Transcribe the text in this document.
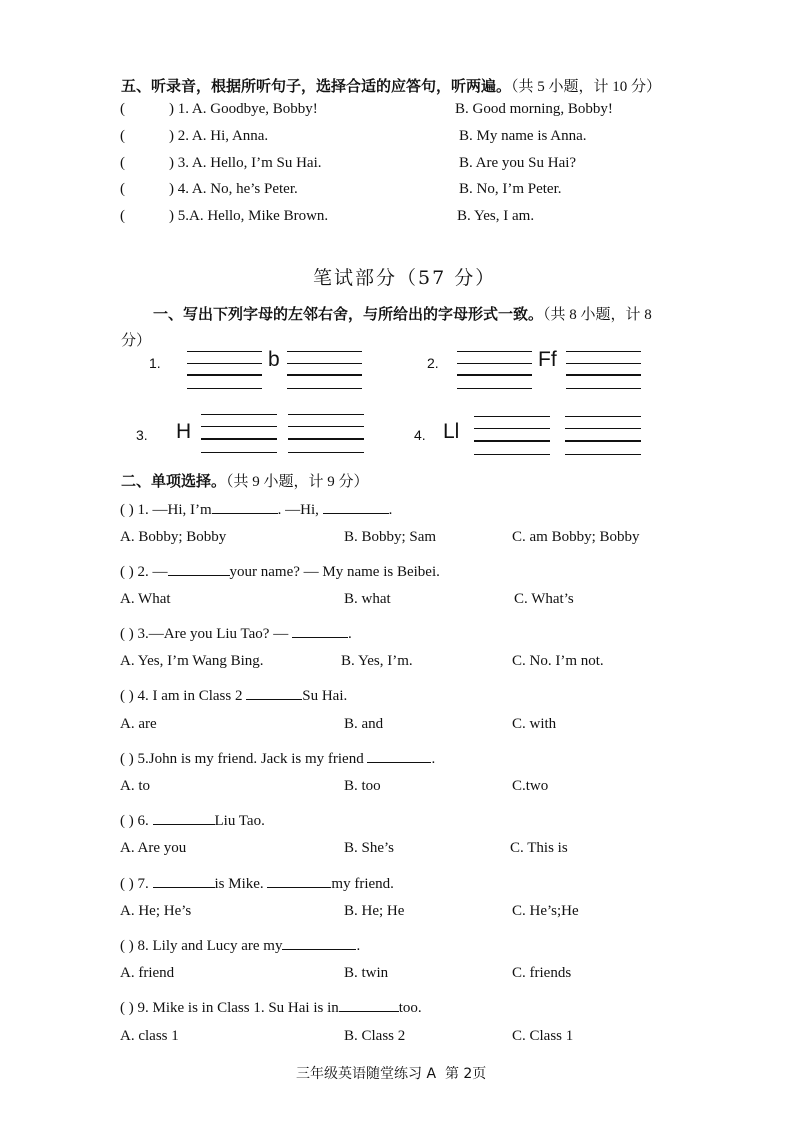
五、听录音，根据所听句子，选择合适的应答句，听两遍。（共 5 小题，计 10 分）
(	) 1. A. Goodbye, Bobby!	B. Good morning, Bobby!
(	) 2. A. Hi, Anna.	B. My name is Anna.
(	) 3. A. Hello, I’m Su Hai.	B. Are you Su Hai?
(	) 4. A. No, he’s Peter.	B. No, I’m Peter.
(	) 5.A. Hello, Mike Brown.	B. Yes, I am.
笔试部分（57 分）
一、写出下列字母的左邻右舍，与所给出的字母形式一致。（共 8 小题，计 8
分）
1.	b	2.	Ff
3. H	4. Ll
二、单项选择。（共 9 小题，计 9 分）
( ) 1. —Hi, I’m	. —Hi,	.
A. Bobby; Bobby	B. Bobby; Sam	C. am Bobby; Bobby
( ) 2. —	your name? — My name is Beibei.
A. What	B. what	C. What’s
( ) 3.—Are you Liu Tao? —	.
A. Yes, I’m Wang Bing.	B. Yes, I’m.	C. No. I’m not.
( ) 4. I am in Class 2	Su Hai.
A. are	B. and	C. with
( ) 5.John is my friend. Jack is my friend	.
A. to	B. too	C.two
( ) 6.	Liu Tao.
A. Are you	B. She’s	C. This is
( ) 7.	is Mike.	my friend.
A. He; He’s	B. He; He	C. He’s;He
( ) 8. Lily and Lucy are my	.
A. friend	B. twin	C. friends
( ) 9. Mike is in Class 1. Su Hai is in	too.
A. class 1	B. Class 2	C. Class 1
三年级英语随堂练习 A 第 2页
